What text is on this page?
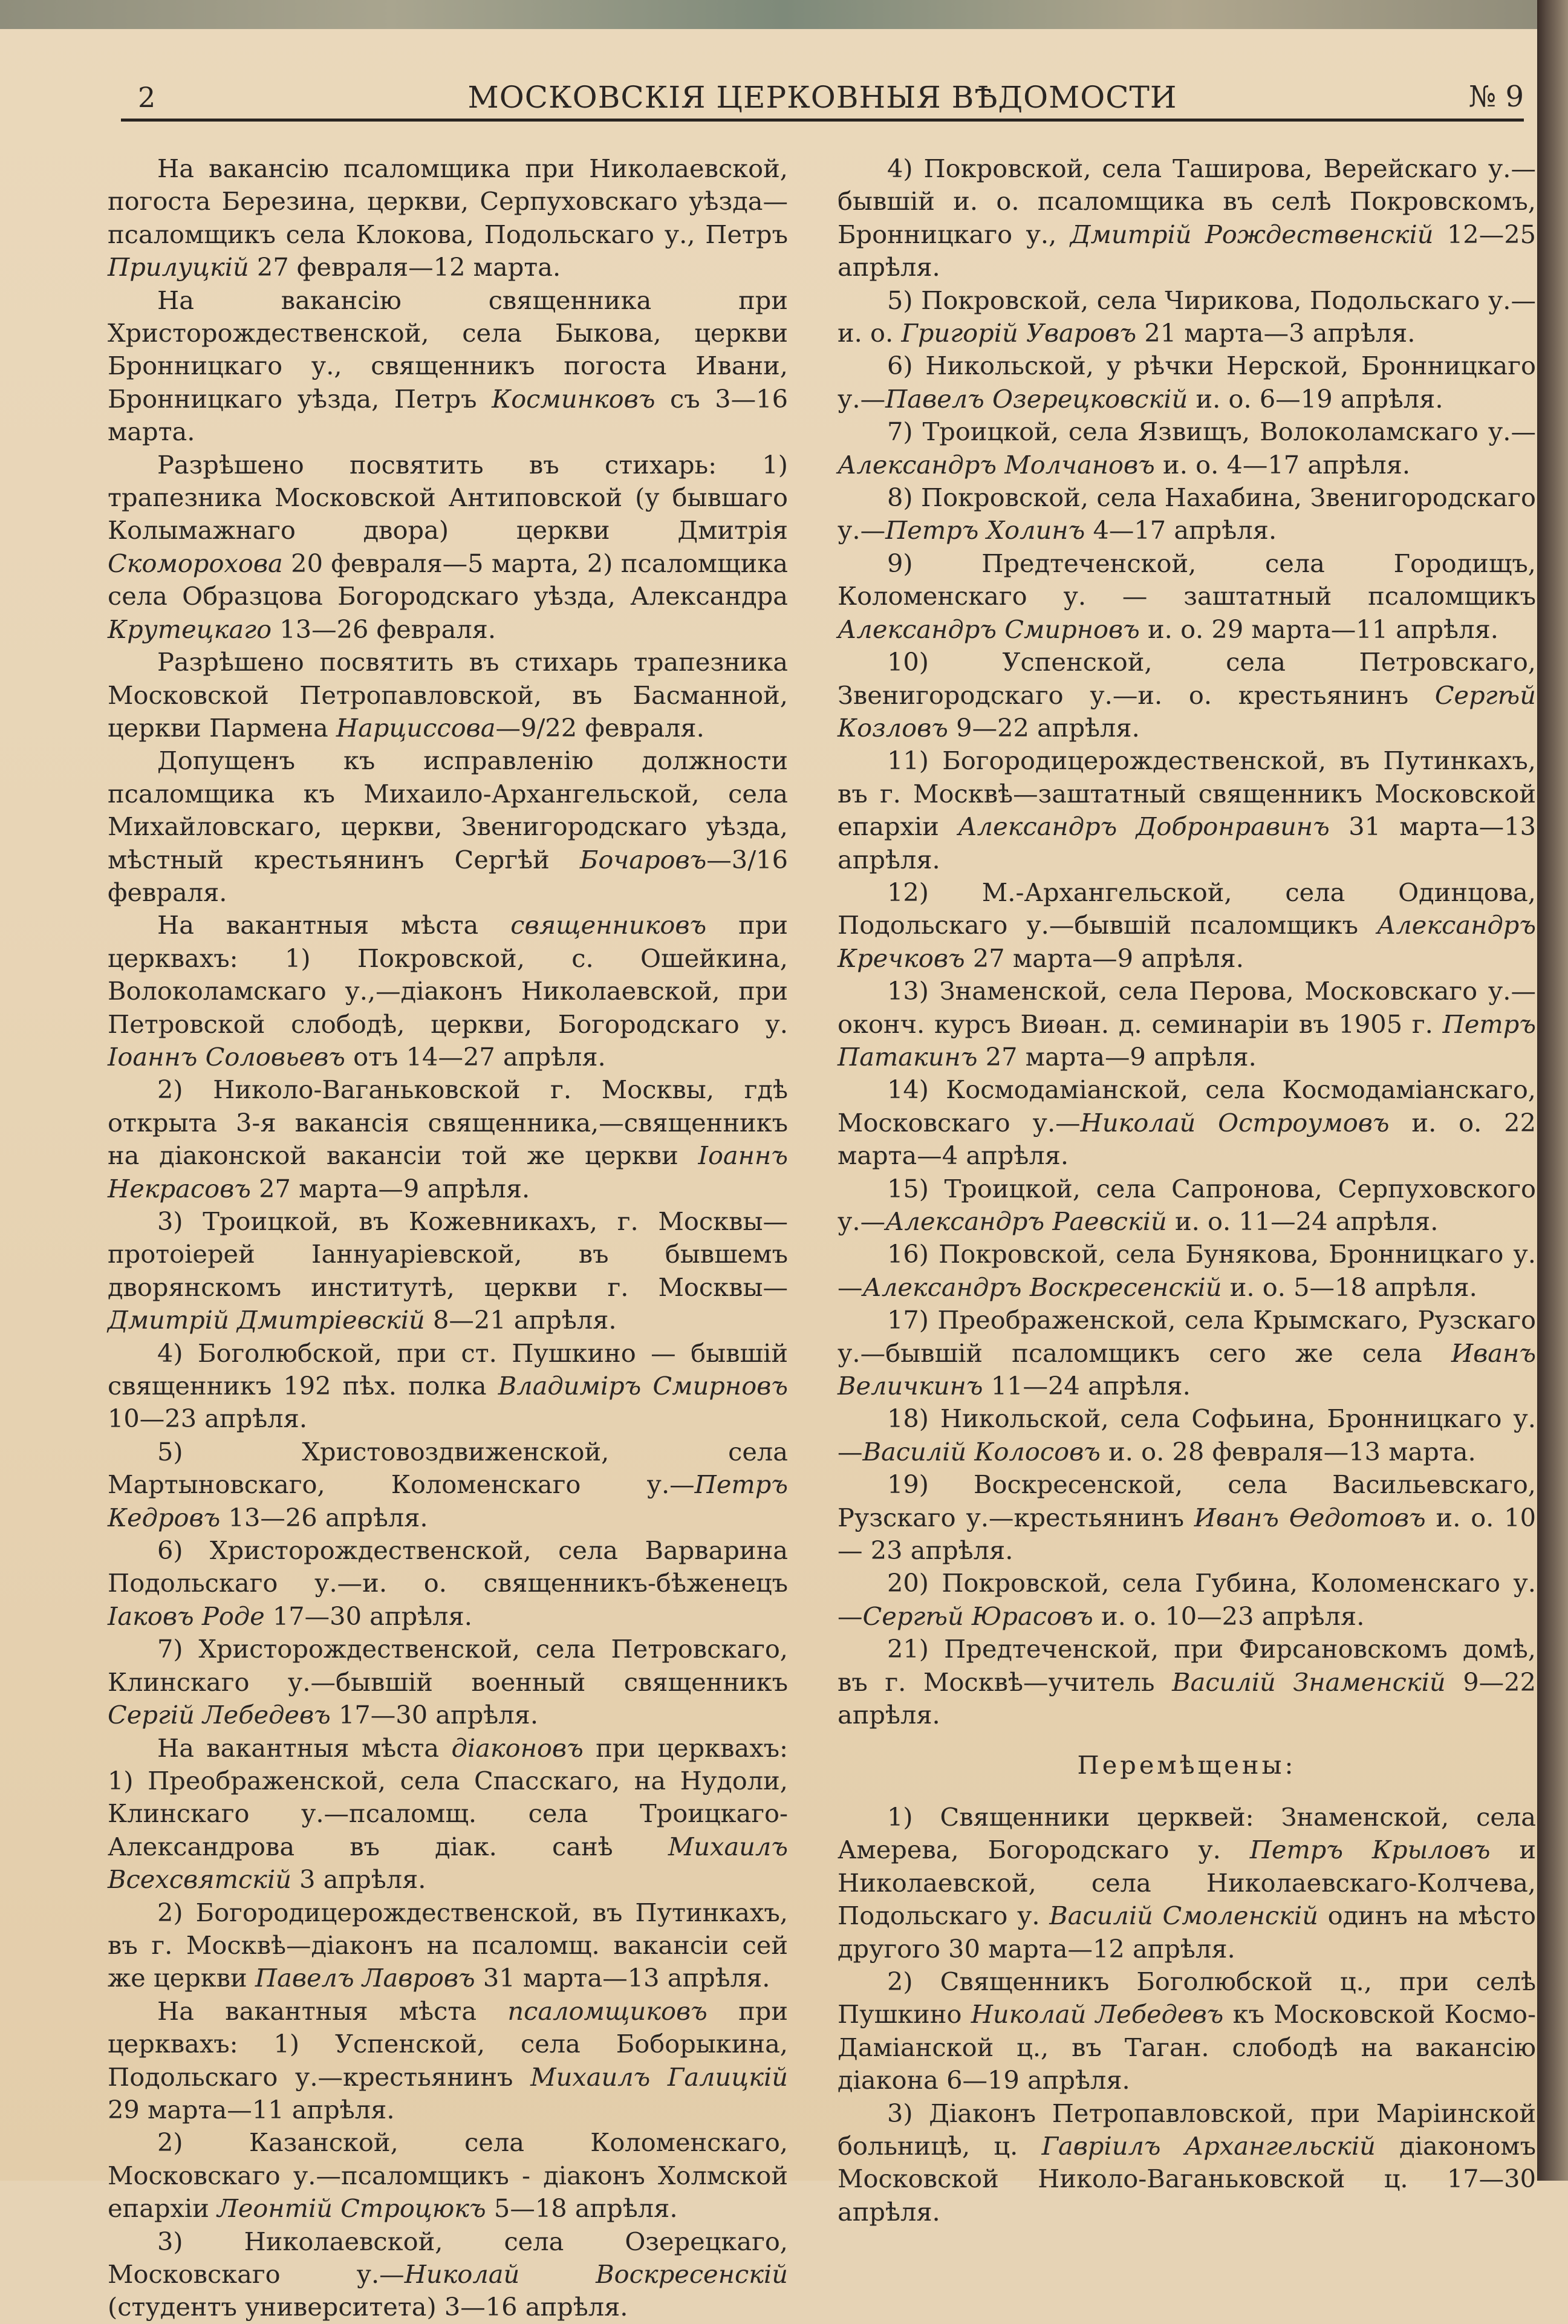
2	МОСКОВСКІЯ ЦЕРКОВНЫЯ ВѢДОМОСТИ	№ 9

На вакансію псаломщика при Николаевской, погоста Березина, церкви, Серпуховскаго уѣзда— псаломщикъ села Клокова, Подольскаго у., Петръ Прилуцкій 27 февраля—12 марта.

На вакансію священника при Христорождественской, села Быкова, церкви Бронницкаго у., священникъ погоста Ивани, Бронницкаго уѣзда, Петръ Косминковъ съ 3—16 марта.

Разрѣшено посвятить въ стихарь: 1) трапезника Московской Антиповской (у бывшаго Колымажнаго двора) церкви Дмитрія Скоморохова 20 февраля—5 марта, 2) псаломщика села Образцова Богородскаго уѣзда, Александра Крутецкаго 13—26 февраля.

Разрѣшено посвятить въ стихарь трапезника Московской Петропавловской, въ Басманной, церкви Пармена Нарциссова—9/22 февраля.

Допущенъ къ исправленію должности псаломщика къ Михаило-Архангельской, села Михайловскаго, церкви, Звенигородскаго уѣзда, мѣстный крестьянинъ Сергѣй Бочаровъ—3/16 февраля.

На вакантныя мѣста священниковъ при церквахъ: 1) Покровской, с. Ошейкина, Волоколамскаго у.,—діаконъ Николаевской, при Петровской слободѣ, церкви, Богородскаго у. Іоаннъ Соловьевъ отъ 14—27 апрѣля.

2) Николо-Ваганьковской г. Москвы, гдѣ открыта 3-я вакансія священника,—священникъ на діаконской вакансіи той же церкви Іоаннъ Некрасовъ 27 марта—9 апрѣля.

3) Троицкой, въ Кожевникахъ, г. Москвы— протоіерей Іаннуаріевской, въ бывшемъ дворянскомъ институтѣ, церкви г. Москвы—Дмитрій Дмитріевскій 8—21 апрѣля.

4) Боголюбской, при ст. Пушкино — бывшій священникъ 192 пѣх. полка Владиміръ Смирновъ 10—23 апрѣля.

5) Христовоздвиженской, села Мартыновскаго, Коломенскаго у.—Петръ Кедровъ 13—26 апрѣля.

6) Христорождественской, села Варварина Подольскаго у.—и. о. священникъ-бѣженецъ Іаковъ Роде 17—30 апрѣля.

7) Христорождественской, села Петровскаго, Клинскаго у.—бывшій военный священникъ Сергій Лебедевъ 17—30 апрѣля.

На вакантныя мѣста діаконовъ при церквахъ: 1) Преображенской, села Спасскаго, на Нудоли, Клинскаго у.—псаломщ. села Троицкаго-Александрова въ діак. санѣ Михаилъ Всехсвятскій 3 апрѣля.

2) Богородицерождественской, въ Путинкахъ, въ г. Москвѣ—діаконъ на псаломщ. вакансіи сей же церкви Павелъ Лавровъ 31 марта—13 апрѣля.

На вакантныя мѣста псаломщиковъ при церквахъ: 1) Успенской, села Боборыкина, Подольскаго у.—крестьянинъ Михаилъ Галицкій 29 марта—11 апрѣля.

2) Казанской, села Коломенскаго, Московскаго у.—псаломщикъ - діаконъ Холмской епархіи Леонтій Строцюкъ 5—18 апрѣля.

3) Николаевской, села Озерецкаго, Московскаго у.—Николай Воскресенскій (студентъ университета) 3—16 апрѣля.

4) Покровской, села Таширова, Верейскаго у.— бывшій и. о. псаломщика въ селѣ Покровскомъ, Бронницкаго у., Дмитрій Рождественскій 12—25 апрѣля.

5) Покровской, села Чирикова, Подольскаго у.— и. о. Григорій Уваровъ 21 марта—3 апрѣля.

6) Никольской, у рѣчки Нерской, Бронницкаго у.—Павелъ Озерецковскій и. о. 6—19 апрѣля.

7) Троицкой, села Язвищъ, Волоколамскаго у.— Александръ Молчановъ и. о. 4—17 апрѣля.

8) Покровской, села Нахабина, Звенигородскаго у.—Петръ Холинъ 4—17 апрѣля.

9) Предтеченской, села Городищъ, Коломенскаго у. — заштатный псаломщикъ Александръ Смирновъ и. о. 29 марта—11 апрѣля.

10) Успенской, села Петровскаго, Звенигородскаго у.—и. о. крестьянинъ Сергѣй Козловъ 9—22 апрѣля.

11) Богородицерождественской, въ Путинкахъ, въ г. Москвѣ—заштатный священникъ Московской епархіи Александръ Добронравинъ 31 марта—13 апрѣля.

12) М.-Архангельской, села Одинцова, Подольскаго у.—бывшій псаломщикъ Александръ Кречковъ 27 марта—9 апрѣля.

13) Знаменской, села Перова, Московскаго у.— оконч. курсъ Виѳан. д. семинаріи въ 1905 г. Петръ Патакинъ 27 марта—9 апрѣля.

14) Космодаміанской, села Космодаміанскаго, Московскаго у.—Николай Остроумовъ и. о. 22 марта—4 апрѣля.

15) Троицкой, села Сапронова, Серпуховского у.—Александръ Раевскій и. о. 11—24 апрѣля.

16) Покровской, села Бунякова, Бронницкаго у.—Александръ Воскресенскій и. о. 5—18 апрѣля.

17) Преображенской, села Крымскаго, Рузскаго у.—бывшій псаломщикъ сего же села Иванъ Величкинъ 11—24 апрѣля.

18) Никольской, села Софьина, Бронницкаго у.—Василій Колосовъ и. о. 28 февраля—13 марта.

19) Воскресенской, села Васильевскаго, Рузскаго у.—крестьянинъ Иванъ Ѳедотовъ и. о. 10— 23 апрѣля.

20) Покровской, села Губина, Коломенскаго у.—Сергѣй Юрасовъ и. о. 10—23 апрѣля.

21) Предтеченской, при Фирсановскомъ домѣ, въ г. Москвѣ—учитель Василій Знаменскій 9—22 апрѣля.

Перемѣщены:

1) Священники церквей: Знаменской, села Амерева, Богородскаго у. Петръ Крыловъ и Николаевской, села Николаевскаго-Колчева, Подольскаго у. Василій Смоленскій одинъ на мѣсто другого 30 марта—12 апрѣля.

2) Священникъ Боголюбской ц., при селѣ Пушкино Николай Лебедевъ къ Московской Космо-Даміанской ц., въ Таган. слободѣ на вакансію діакона 6—19 апрѣля.

3) Діаконъ Петропавловской, при Маріинской больницѣ, ц. Гавріилъ Архангельскій діакономъ Московской Николо-Ваганьковской ц. 17—30 апрѣля.
